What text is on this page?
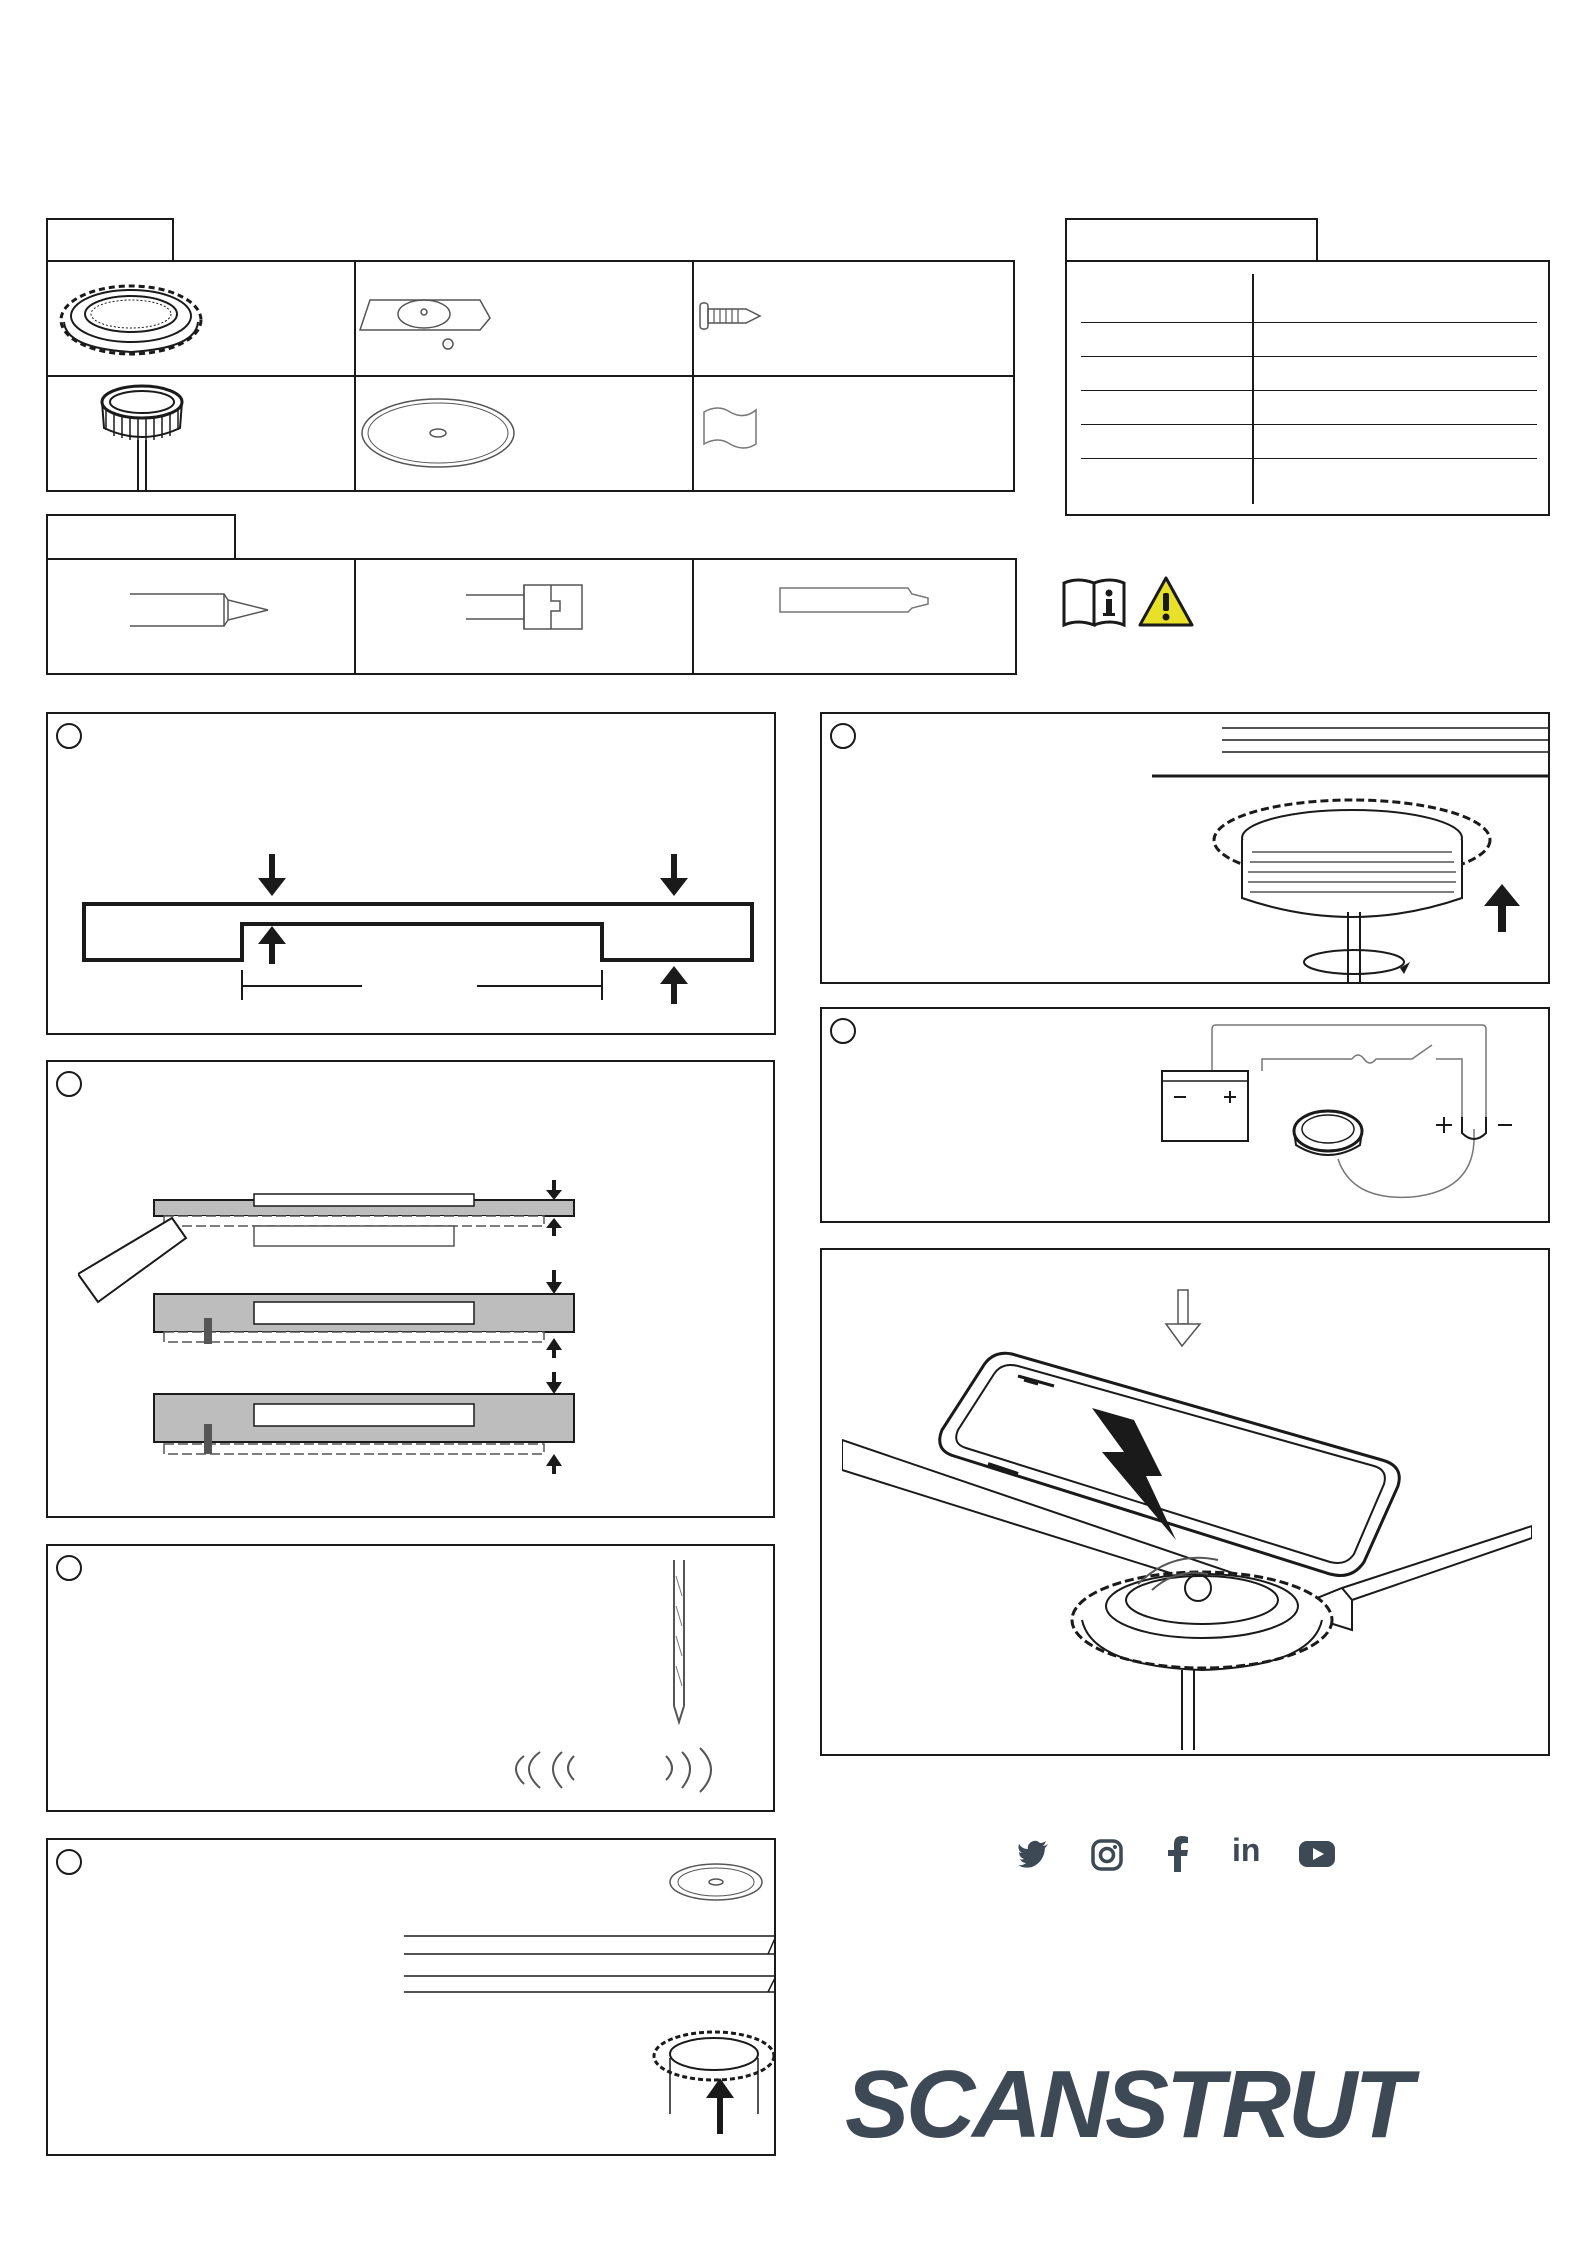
in
SCANSTRUT
